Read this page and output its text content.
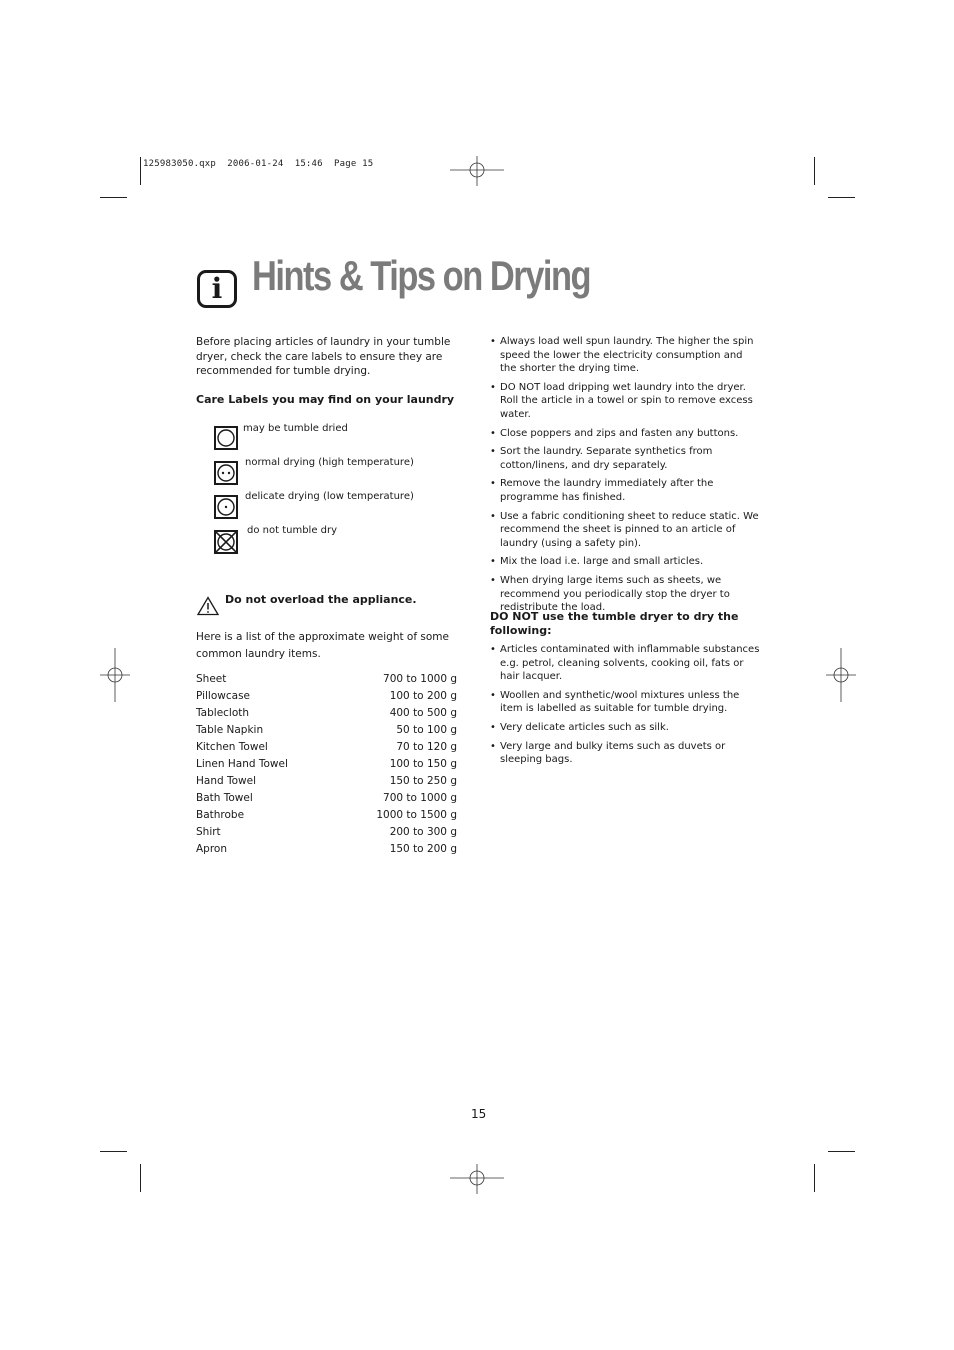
125983050.qxp  2006-01-24  15:46  Page 15
i Hints & Tips on Drying
Before placing articles of laundry in your tumble dryer, check the care labels to ensure they are recommended for tumble drying.
Care Labels you may find on your laundry
may be tumble dried
normal drying (high temperature)
delicate drying (low temperature)
do not tumble dry
Do not overload the appliance.
Here is a list of the approximate weight of some common laundry items.
Sheet	700 to 1000 g
Pillowcase	100 to 200 g
Tablecloth	400 to 500 g
Table Napkin	50 to 100 g
Kitchen Towel	70 to 120 g
Linen Hand Towel	100 to 150 g
Hand Towel	150 to 250 g
Bath Towel	700 to 1000 g
Bathrobe	1000 to 1500 g
Shirt	200 to 300 g
Apron	150 to 200 g
• Always load well spun laundry. The higher the spin speed the lower the electricity consumption and the shorter the drying time.
• DO NOT load dripping wet laundry into the dryer. Roll the article in a towel or spin to remove excess water.
• Close poppers and zips and fasten any buttons.
• Sort the laundry. Separate synthetics from cotton/linens, and dry separately.
• Remove the laundry immediately after the programme has finished.
• Use a fabric conditioning sheet to reduce static. We recommend the sheet is pinned to an article of laundry (using a safety pin).
• Mix the load i.e. large and small articles.
• When drying large items such as sheets, we recommend you periodically stop the dryer to redistribute the load.
DO NOT use the tumble dryer to dry the following:
• Articles contaminated with inflammable substances e.g. petrol, cleaning solvents, cooking oil, fats or hair lacquer.
• Woollen and synthetic/wool mixtures unless the item is labelled as suitable for tumble drying.
• Very delicate articles such as silk.
• Very large and bulky items such as duvets or sleeping bags.
15
